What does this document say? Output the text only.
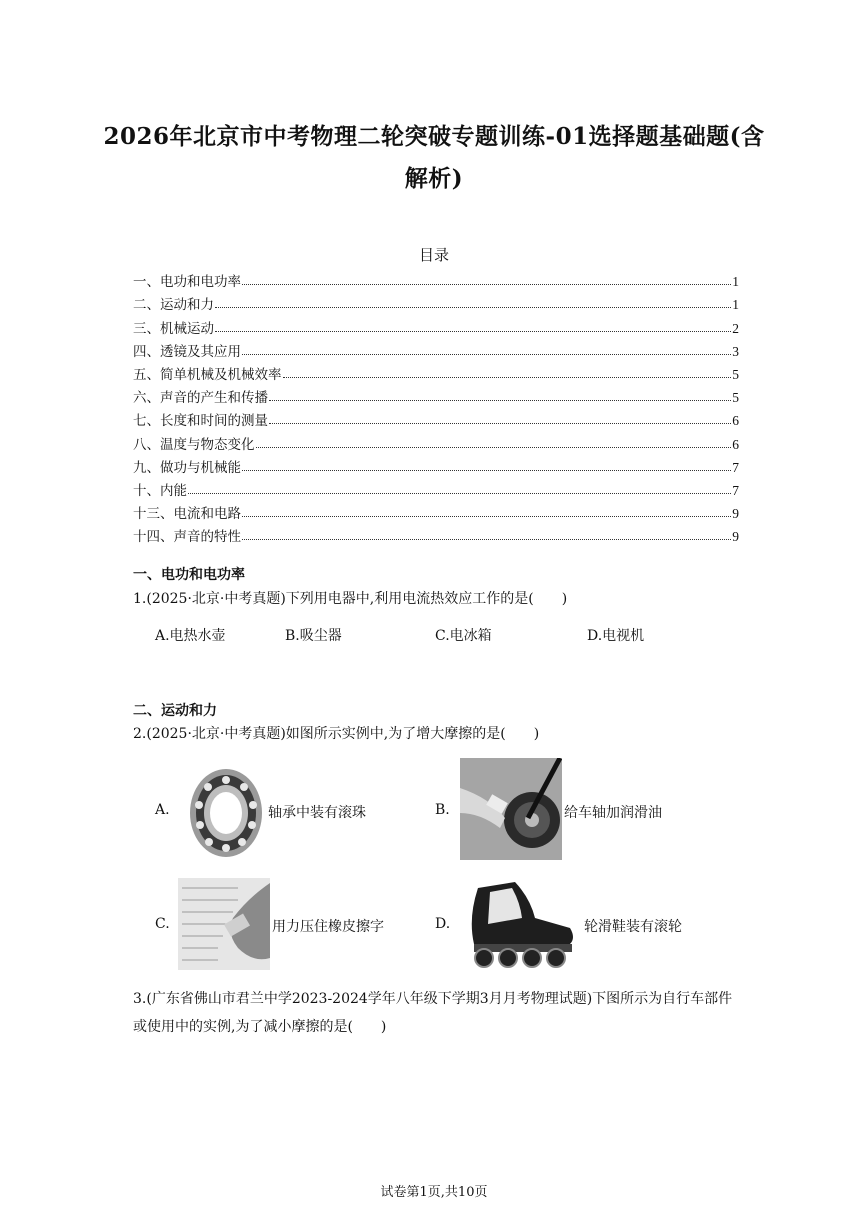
2026年北京市中考物理二轮突破专题训练-01选择题基础题(含
解析)
目录
一、电功和电功率	1
二、运动和力	1
三、机械运动	2
四、透镜及其应用	3
五、简单机械及机械效率	5
六、声音的产生和传播	5
七、长度和时间的测量	6
八、温度与物态变化	6
九、做功与机械能	7
十、内能	7
十三、电流和电路	9
十四、声音的特性	9
一、电功和电功率
1.(2025·北京·中考真题)下列用电器中,利用电流热效应工作的是(　　)
A.电热水壶	B.吸尘器	C.电冰箱	D.电视机
二、运动和力
2.(2025·北京·中考真题)如图所示实例中,为了增大摩擦的是(　　)
A.	轴承中装有滚珠	B.	给车轴加润滑油
C.	用力压住橡皮擦字	D.	轮滑鞋装有滚轮
3.(广东省佛山市君兰中学2023-2024学年八年级下学期3月月考物理试题)下图所示为自行车部件或使用中的实例,为了减小摩擦的是(　　)
试卷第1页,共10页
